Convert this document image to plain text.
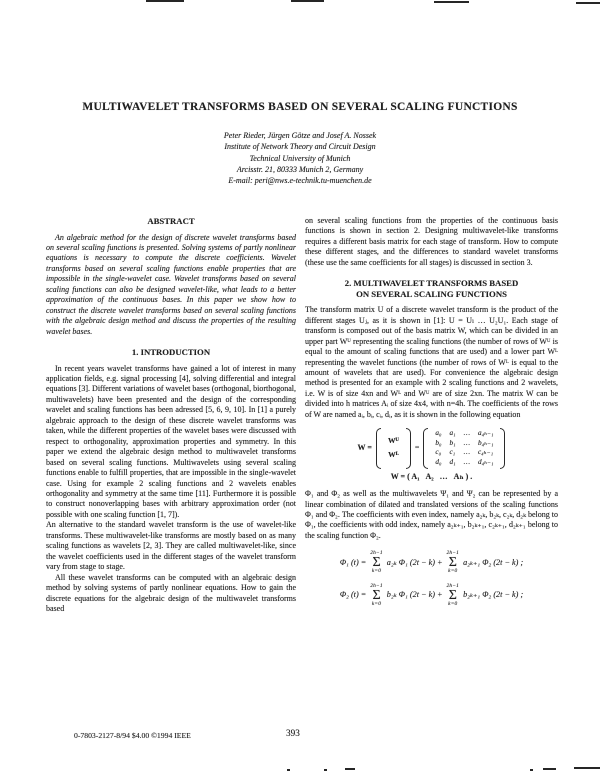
MULTIWAVELET TRANSFORMS BASED ON SEVERAL SCALING FUNCTIONS
Peter Rieder, Jürgen Götze and Josef A. Nossek
Institute of Network Theory and Circuit Design
Technical University of Munich
Arcisstr. 21, 80333 Munich 2, Germany
E-mail: peri@nws.e-technik.tu-muenchen.de
ABSTRACT

An algebraic method for the design of discrete wavelet transforms based on several scaling functions is presented. Solving systems of partly nonlinear equations is necessary to compute the discrete coefficients. Wavelet transforms based on several scaling functions enable properties that are impossible in the single-wavelet case. Wavelet transforms based on several scaling functions can also be designed wavelet-like, what leads to a better approximation of the continuous bases. In this paper we show how to construct the discrete wavelet transforms based on several scaling functions with the algebraic design method and discuss the properties of the resulting wavelet bases.

1. INTRODUCTION

In recent years wavelet transforms have gained a lot of interest in many application fields, e.g. signal processing [4], solving differential and integral equations [3]. Different variations of wavelet bases (orthogonal, biorthogonal, multiwavelets) have been presented and the design of the corresponding wavelet and scaling functions has been adressed [5, 6, 9, 10]. In [1] a purely algebraic approach to the design of these discrete wavelet transforms was taken, while the different properties of the wavelet bases were discussed with respect to orthogonality, approximation properties and symmetry. In this paper we extend the algebraic design method to multiwavelet transforms based on several scaling functions. Multiwavelets using several scaling functions enable to fulfill properties, that are impossible in the single-wavelet case. Using for example 2 scaling functions and 2 wavelets enables orthogonality and symmetry at the same time [11]. Furthermore it is possible to construct nonoverlapping bases with arbitrary approximation order (not possible with one scaling function [1, 7]).

An alternative to the standard wavelet transform is the use of wavelet-like transforms. These multiwavelet-like transforms are mostly based on as many scaling functions as wavelets [2, 3]. They are called multiwavelet-like, since the wavelet coefficients used in the different stages of the wavelet transform vary from stage to stage.

All these wavelet transforms can be computed with an algebraic design method by solving systems of partly nonlinear equations. How to gain the discrete equations for the algebraic design of the multiwavelet transforms based

on several scaling functions from the properties of the continuous basis functions is shown in section 2. Designing multiwavelet-like transforms requires a different basis matrix for each stage of transform. How to compute these different stages, and the differences to standard wavelet transforms (these use the same coefficients for all stages) is discussed in section 3.

2. MULTIWAVELET TRANSFORMS BASED
ON SEVERAL SCALING FUNCTIONS

The transform matrix U of a discrete wavelet transform is the product of the different stages Uⱼ, as it is shown in [1]: U = Uₗ … U₂U₁. Each stage of transform is composed out of the basis matrix W, which can be divided in an upper part Wᵁ representing the scaling functions (the number of rows of Wᵁ is equal to the amount of scaling functions that are used) and a lower part Wᴸ representing the wavelet functions (the number of rows of Wᴸ is equal to the amount of wavelets that are used). For convenience the algebraic design method is presented for an example with 2 scaling functions and 2 wavelets, i.e. W is of size 4xn and Wᴸ and Wᵁ are of size 2xn. The matrix W can be divided into h matrices Aᵢ of size 4x4, with n=4h. The coefficients of the rows of W are named aᵢ, bᵢ, cᵢ, dᵢ, as it is shown in the following equation

W =
Wᵁ
Wᴸ
=
a₀ a₁ … a₄ₕ₋₁
b₀ b₁ … b₄ₕ₋₁
c₀ c₁ … c₄ₕ₋₁
d₀ d₁ … d₄ₕ₋₁
W = ( A₁  A₂  …  Aₕ ) .

Φ₁ and Φ₂ as well as the multiwavelets Ψ₁ and Ψ₂ can be represented by a linear combination of dilated and translated versions of the scaling functions Φ₁ and Φ₂. The coefficients with even index, namely a₂ₖ, b₂ₖ, c₂ₖ, d₂ₖ belong to Φ₁, the coefficients with odd index, namely a₂ₖ₊₁, b₂ₖ₊₁, c₂ₖ₊₁, d₂ₖ₊₁ belong to the scaling function Φ₂.

Φ₁ (t) =
2h−1
Σ
k=0
a₂ₖ Φ₁ (2t − k) +
2h−1
Σ
k=0
a₂ₖ₊₁ Φ₂ (2t − k) ;
Φ₂ (t) =
2h−1
Σ
k=0
b₂ₖ Φ₁ (2t − k) +
2h−1
Σ
k=0
b₂ₖ₊₁ Φ₂ (2t − k) ;
0-7803-2127-8/94 $4.00 ©1994 IEEE	393
